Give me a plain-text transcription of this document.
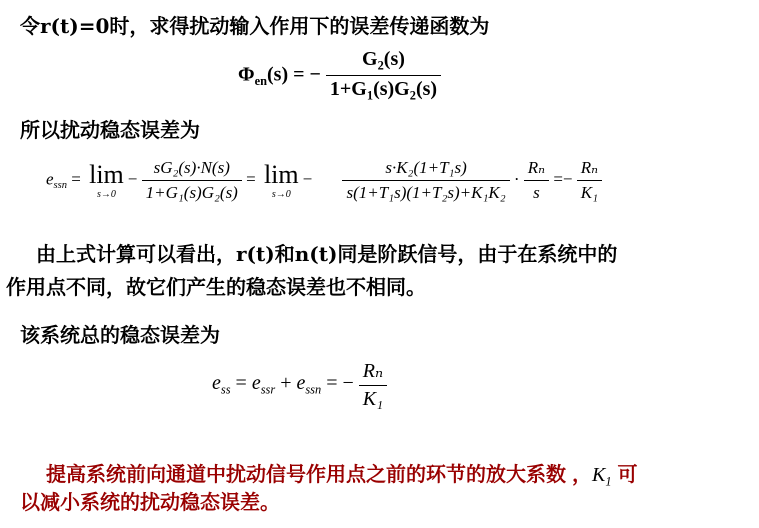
令r(t)=0时，求得扰动输入作用下的误差传递函数为
$\Phi_{en}(s)$ = − $\frac{G_2(s)}{1+G_1(s)G_2(s)}$
所以扰动稳态误差为
$e_{ssn} = \lim$
s→0
− $\frac{\text{sG₂(s)·N(s)}}{\text{1+G₁(s)G₂(s)}} = \lim$
s→0
− $\frac{\text{s·K₂(1+T₁s)}}{\text{s(1+T₁s)(1+T₂s)+K₁K₂}} \cdot \frac{\text{Rₙ}}{s} =- \frac{\text{Rₙ}}{\text{K₁}}$
由上式计算可以看出，r(t)和n(t)同是阶跃信号，由于在系统中的
作用点不同，故它们产生的稳态误差也不相同。
该系统总的稳态误差为
$e_{ss} = e_{ssr} + e_{ssn}$ = − $\frac{\text{Rₙ}}{\text{K₁}}$
提高系统前向通道中扰动信号作用点之前的环节的放大系数 ，$K_1$ 可
以减小系统的扰动稳态误差。
